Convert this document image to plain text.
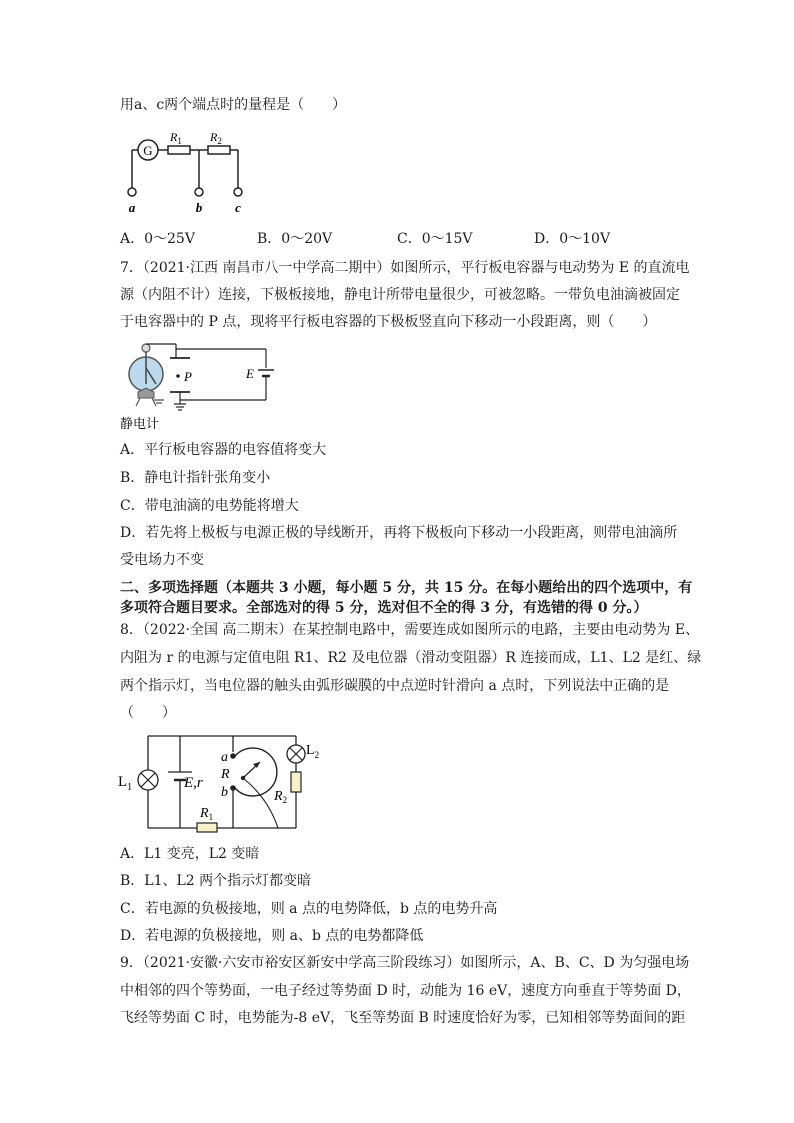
用a、c两个端点时的量程是（　　）
G
$R_1$ $R_2$
a	b	c
A．0～25V	B．0～20V	C．0～15V	D．0～10V
7．（2021·江西 南昌市八一中学高二期中）如图所示，平行板电容器与电动势为 E 的直流电
源（内阻不计）连接，下极板接地，静电计所带电量很少，可被忽略。一带负电油滴被固定
于电容器中的 P 点，现将平行板电容器的下极板竖直向下移动一小段距离，则（　　）
P	E
静电计
A．平行板电容器的电容值将变大
B．静电计指针张角变小
C．带电油滴的电势能将增大
D．若先将上极板与电源正极的导线断开，再将下极板向下移动一小段距离，则带电油滴所
受电场力不变
二、多项选择题（本题共 3 小题，每小题 5 分，共 15 分。在每小题给出的四个选项中，有
多项符合题目要求。全部选对的得 5 分，选对但不全的得 3 分，有选错的得 0 分。）
8．（2022·全国 高二期末）在某控制电路中，需要连成如图所示的电路，主要由电动势为 E、
内阻为 r 的电源与定值电阻 R1、R2 及电位器（滑动变阻器）R 连接而成，L1、L2 是红、绿
两个指示灯，当电位器的触头由弧形碳膜的中点逆时针滑向 a 点时，下列说法中正确的是
（　　）
$L_1$	E,r
$R_1$
a
R
b
$L_2$
$R_2$
A．L1 变亮，L2 变暗
B．L1、L2 两个指示灯都变暗
C．若电源的负极接地，则 a 点的电势降低，b 点的电势升高
D．若电源的负极接地，则 a、b 点的电势都降低
9．（2021·安徽·六安市裕安区新安中学高三阶段练习）如图所示，A、B、C、D 为匀强电场
中相邻的四个等势面，一电子经过等势面 D 时，动能为 16 eV，速度方向垂直于等势面 D，
飞经等势面 C 时，电势能为-8 eV，飞至等势面 B 时速度恰好为零，已知相邻等势面间的距
